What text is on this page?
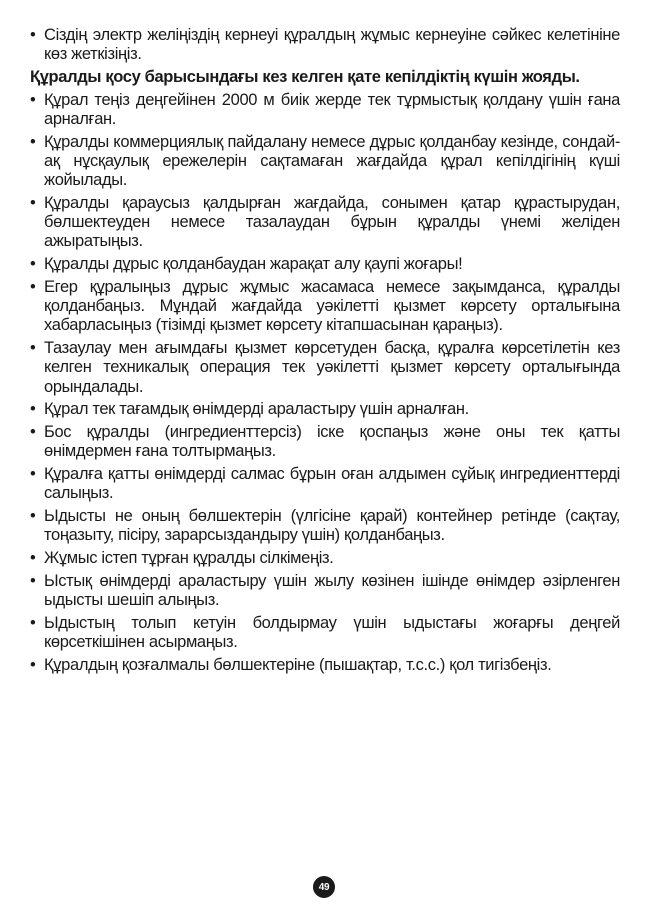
• Сіздің электр желіңіздің кернеуі құралдың жұмыс кернеуіне сәйкес келетініне көз жеткізіңіз.

Құралды қосу барысындағы кез келген қате кепілдіктің күшін жояды.

• Құрал теңіз деңгейінен 2000 м биік жерде тек тұрмыстық қолдану үшін ғана арналған.
• Құралды коммерциялық пайдалану немесе дұрыс қолданбау кезінде, сондай-ақ нұсқаулық ережелерін сақтамаған жағдайда құрал кепілдігінің күші жойылады.
• Құралды қараусыз қалдырған жағдайда, сонымен қатар құрастырудан, бөлшектеуден немесе тазалаудан бұрын құралды үнемі желіден ажыратыңыз.
• Құралды дұрыс қолданбаудан жарақат алу қаупі жоғары!
• Егер құралыңыз дұрыс жұмыс жасамаса немесе зақымданса, құралды қолданбаңыз. Мұндай жағдайда уәкілетті қызмет көрсету орталығына хабарласыңыз (тізімді қызмет көрсету кітапшасынан қараңыз).
• Тазаулау мен ағымдағы қызмет көрсетуден басқа, құралға көрсетілетін кез келген техникалық операция тек уәкілетті қызмет көрсету орталығында орындалады.
• Құрал тек тағамдық өнімдерді араластыру үшін арналған.
• Бос құралды (ингредиенттерсіз) іске қоспаңыз және оны тек қатты өнімдермен ғана толтырмаңыз.
• Құралға қатты өнімдерді салмас бұрын оған алдымен сұйық ингредиенттерді салыңыз.
• Ыдысты не оның бөлшектерін (үлгісіне қарай) контейнер ретінде (сақтау, тоңазыту, пісіру, зарарсыздандыру үшін) қолданбаңыз.
• Жұмыс істеп тұрған құралды сілкімеңіз.
• Ыстық өнімдерді араластыру үшін жылу көзінен ішінде өнімдер әзірленген ыдысты шешіп алыңыз.
• Ыдыстың толып кетуін болдырмау үшін ыдыстағы жоғарғы деңгей көрсеткішінен асырмаңыз.
• Құралдың қозғалмалы бөлшектеріне (пышақтар, т.с.с.) қол тигізбеңіз.
49
